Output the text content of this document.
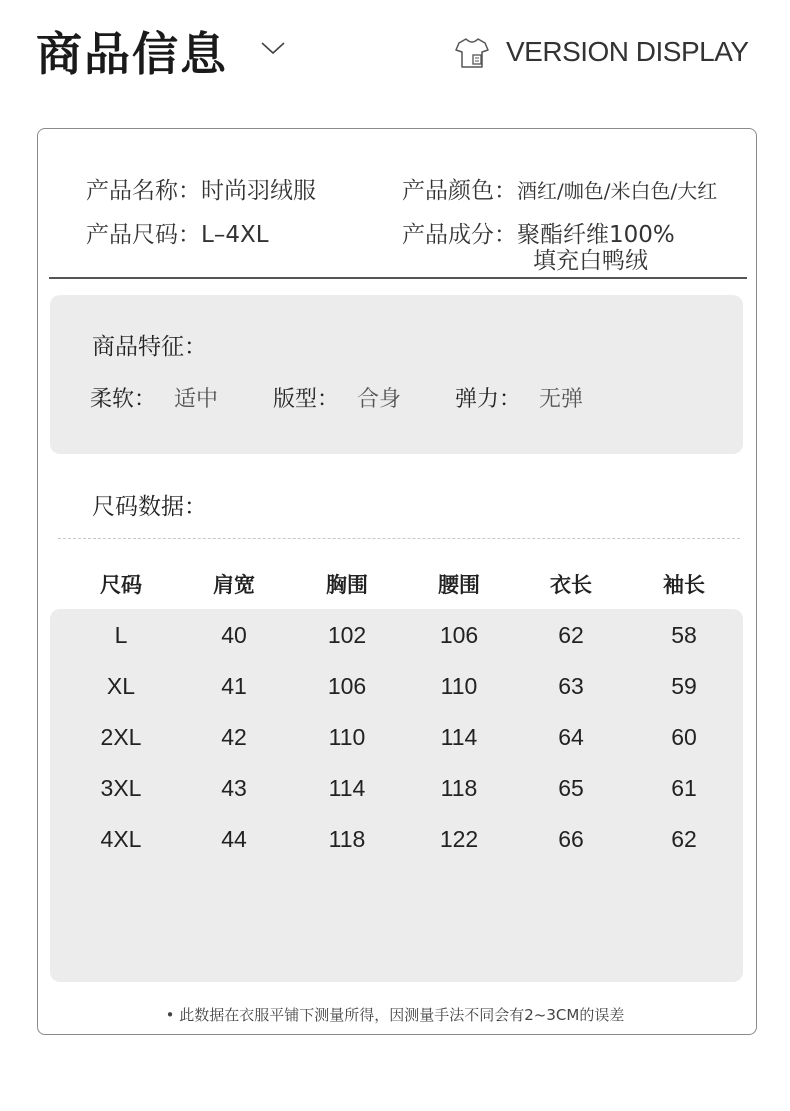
商品信息	VERSION DISPLAY
产品名称：时尚羽绒服	产品颜色：酒红/咖色/米白色/大红
产品尺码：L–4XL	产品成分：聚酯纤维100%
填充白鸭绒
商品特征：
柔软： 适中 版型： 合身 弹力： 无弹
尺码数据：
尺码	肩宽	胸围	腰围	衣长	袖长
L	40	102	106	62	58
XL	41	106	110	63	59
2XL	42	110	114	64	60
3XL	43	114	118	65	61
4XL	44	118	122	66	62
• 此数据在衣服平铺下测量所得，因测量手法不同会有2~3CM的误差
